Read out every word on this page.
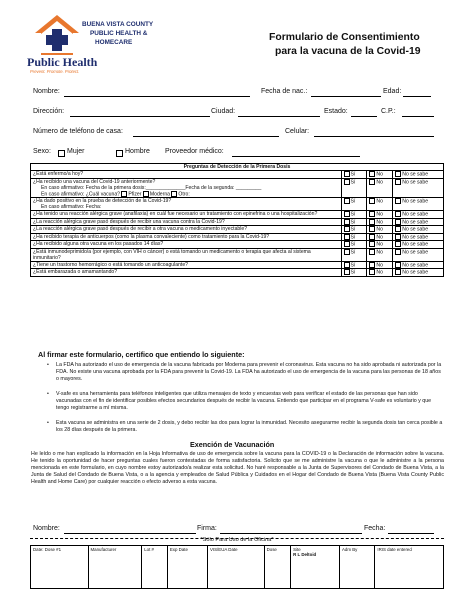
BUENA VISTA COUNTY
PUBLIC HEALTH &
HOMECARE
Public Health
Prevent. Promote. Protect.
Formulario de Consentimiento
para la vacuna de la Covid-19
Nombre:	Fecha de nac.:	Edad:
Dirección:	Ciudad:	Estado:	C.P.:
Número de teléfono de casa:	Celular:
Sexo: Mujer	Hombre Proveedor médico:
Preguntas de Detección de la Primera Dosis			
¿Está enfermo/a hoy?	Sí	No	No se sabe

¿Ha recibido una vacuna del Covid-19 anteriormente?
En caso afirmativo: Fecha de la primera dosis:______________Fecha de la segunda: _________
En caso afirmativo: ¿Cuál vacuna? Pfizer Moderna Otro:	Sí	No	No se sabe

¿Ha dado positivo en la prueba de detección de la Covid-19?
En caso afirmativo: Fecha:	Sí	No	No se sabe
¿Ha tenido una reacción alérgica grave (anafilaxia) en cuál fue necesario un tratamiento con epinefrina o una hospitalización?	Sí	No	No se sabe
¿La reacción alérgica grave pasó después de recibir una vacuna contra la Covid-19?	Sí	No	No se sabe
¿La reacción alérgica grave pasó después de recibir a otra vacuna o medicamento inyectable?	Sí	No	No se sabe
¿Ha recibido terapia de anticuerpos (como la plasma convaleciente) como tratamiento para la Covid-19?	Sí	No	No se sabe
¿Ha recibido alguna otra vacuna en los pasados 14 días?	Sí	No	No se sabe
¿Está inmunodeprimido/a (por ejemplo, con VIH o cáncer) o está tomando un medicamento o terapia que afecta al sistema inmunitario?	Sí	No	No se sabe
¿Tiene un trastorno hemorrágico o está tomando un anticoagulante?	Sí	No	No se sabe
¿Está embarazada o amamantando?	Sí	No	No se sabe
Al firmar este formulario, certifico que entiendo lo siguiente:
• La FDA ha autorizado el uso de emergencia de la vacuna fabricada por Moderna para prevenir el coronavirus. Esta vacuna no ha sido aprobada ni autorizada por la FDA. No existe una vacuna aprobada por la FDA para prevenir la Covid-19. La FDA ha autorizado el uso de emergencia de la vacuna para las personas de 18 años o mayores.
• V-safe es una herramienta para teléfonos inteligentes que utiliza mensajes de texto y encuestas web para verificar el estado de las personas que han sido vacunadas con el fin de identificar posibles efectos secundarios después de recibir la vacuna. Entiendo que participar en el programa V-safe es voluntario y que tengo registrarme a mí misma.
• Esta vacuna se administra en una serie de 2 dosis, y debo recibir las dos para lograr la inmunidad. Necesito asegurarme recibir la segunda dosis tan cerca posible a los 28 días después de la primera.
Exención de Vacunación
He leído o me han explicado la información en la Hoja Informativa de uso de emergencia sobre la vacuna para la COVID-19 o la Declaración de información sobre la vacuna. He tenido la oportunidad de hacer preguntas cuales fueron contestadas de forma satisfactoria. Solicito que se me administre la vacuna o que le administre a la persona mencionada en este formulario, en cuyo nombre estoy autorizado/a realizar esta solicitud. No haré responsable a la Junta de Supervisores del Condado de Buena Vista, a la Junta de Salud del Condado de Buena Vista, o a la agencia y empleados de Salud Pública y Cuidados en el Hogar del Condado de Buena Vista (Buena Vista County Public Health and Home Care) por cualquier reacción o efecto adverso a esta vacuna.
Nombre:	Firma:	Fecha:
*Sólo Para Uso de la Oficina*
Date: Dose #1	Manufacturer	Lot #	Exp Date	VIS/EUA Date	Dose	Site
R L Deltoid
	Adm By	IRIS date entered
